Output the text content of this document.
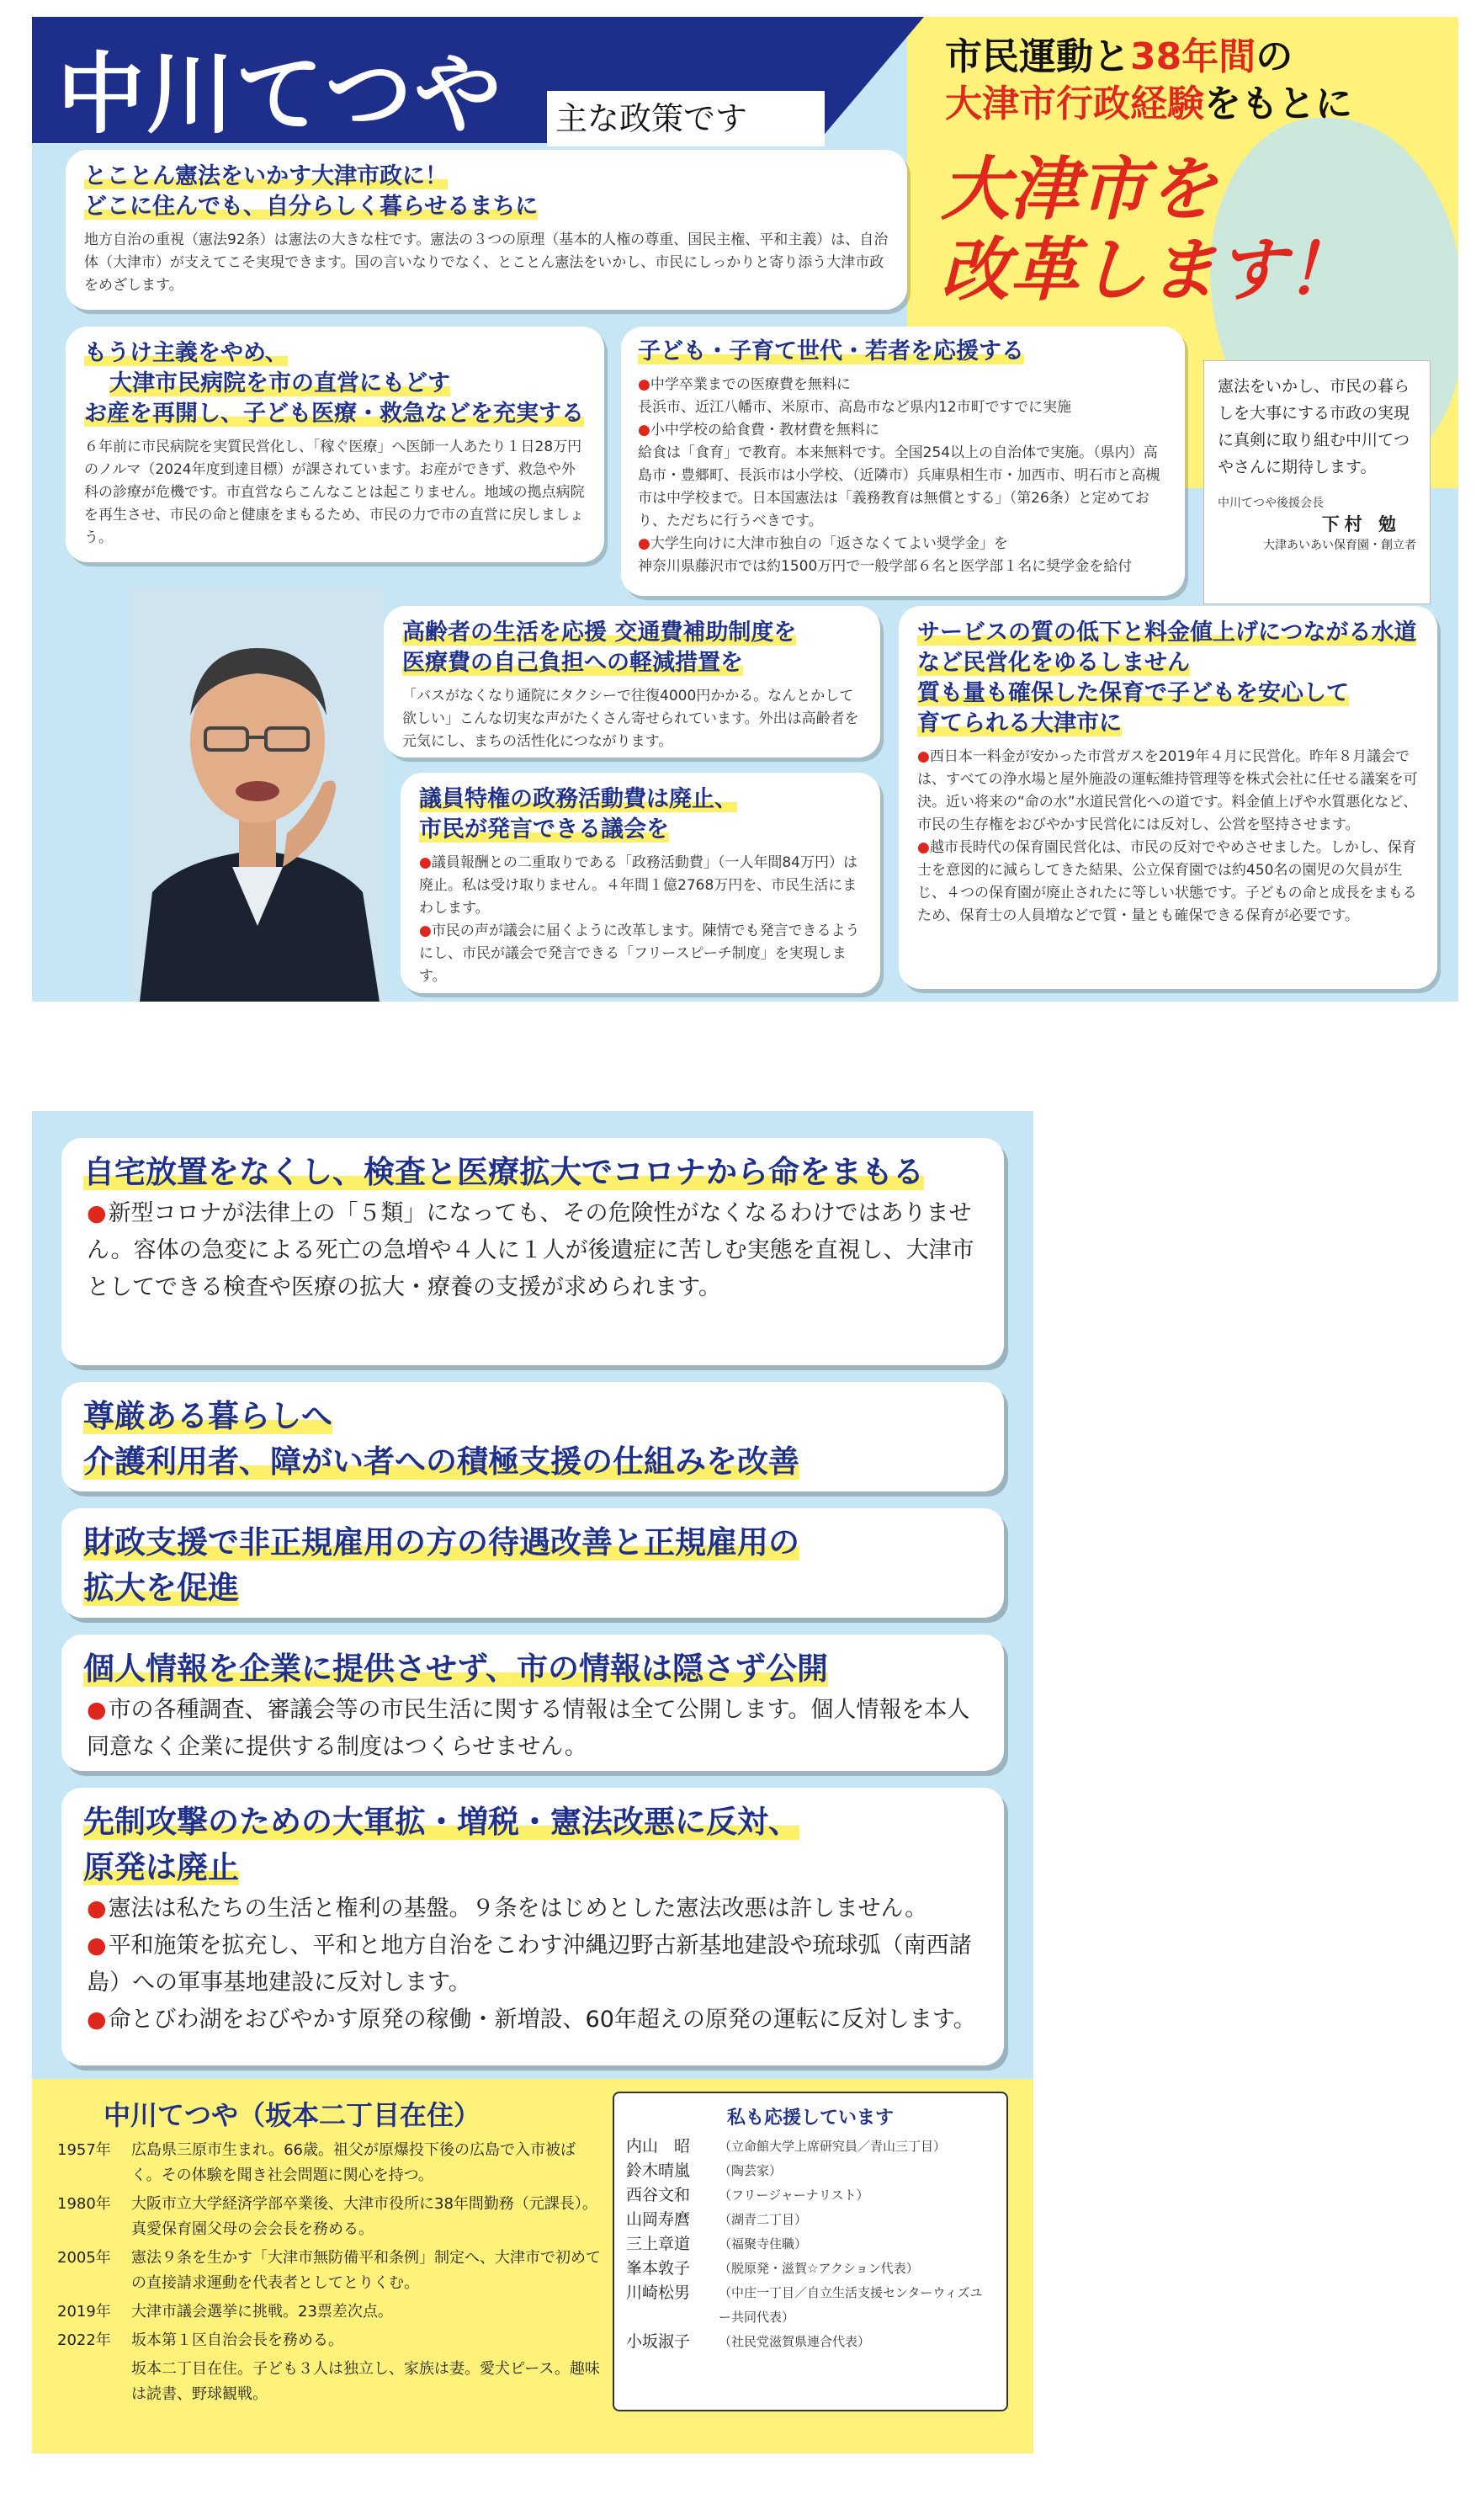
中川てつや 主な政策です
市民運動と38年間の
大津市行政経験をもとに
大津市を
改革します！
とことん憲法をいかす大津市政に！
どこに住んでも、自分らしく暮らせるまちに
地方自治の重視（憲法92条）は憲法の大きな柱です。憲法の３つの原理（基本的人権の尊重、国民主権、平和主義）は、自治体（大津市）が支えてこそ実現できます。国の言いなりでなく、とことん憲法をいかし、市民にしっかりと寄り添う大津市政をめざします。
もうけ主義をやめ、
大津市民病院を市の直営にもどす
お産を再開し、子ども医療・救急などを充実する
６年前に市民病院を実質民営化し、「稼ぐ医療」へ医師一人あたり１日28万円のノルマ（2024年度到達目標）が課されています。お産ができず、救急や外科の診療が危機です。市直営ならこんなことは起こりません。地域の拠点病院を再生させ、市民の命と健康をまもるため、市民の力で市の直営に戻しましょう。
子ども・子育て世代・若者を応援する
●中学卒業までの医療費を無料に
長浜市、近江八幡市、米原市、高島市など県内12市町ですでに実施
●小中学校の給食費・教材費を無料に
給食は「食育」で教育。本来無料です。全国254以上の自治体で実施。（県内）高島市・豊郷町、長浜市は小学校、（近隣市）兵庫県相生市・加西市、明石市と高槻市は中学校まで。日本国憲法は「義務教育は無償とする」（第26条）と定めており、ただちに行うべきです。
●大学生向けに大津市独自の「返さなくてよい奨学金」を
神奈川県藤沢市では約1500万円で一般学部６名と医学部１名に奨学金を給付
憲法をいかし、市民の暮らしを大事にする市政の実現に真剣に取り組む中川てつやさんに期待します。
中川てつや後援会長
下村 勉
大津あいあい保育園・創立者
高齢者の生活を応援 交通費補助制度を
医療費の自己負担への軽減措置を
「バスがなくなり通院にタクシーで往復4000円かかる。なんとかして欲しい」こんな切実な声がたくさん寄せられています。外出は高齢者を元気にし、まちの活性化につながります。
議員特権の政務活動費は廃止、
市民が発言できる議会を
●議員報酬との二重取りである「政務活動費」（一人年間84万円）は廃止。私は受け取りません。４年間１億2768万円を、市民生活にまわします。
●市民の声が議会に届くように改革します。陳情でも発言できるようにし、市民が議会で発言できる「フリースピーチ制度」を実現します。
サービスの質の低下と料金値上げにつながる水道など民営化をゆるしません
質も量も確保した保育で子どもを安心して
育てられる大津市に
●西日本一料金が安かった市営ガスを2019年４月に民営化。昨年８月議会では、すべての浄水場と屋外施設の運転維持管理等を株式会社に任せる議案を可決。近い将来の“命の水”水道民営化への道です。料金値上げや水質悪化など、市民の生存権をおびやかす民営化には反対し、公営を堅持させます。
●越市長時代の保育園民営化は、市民の反対でやめさせました。しかし、保育士を意図的に減らしてきた結果、公立保育園では約450名の園児の欠員が生じ、４つの保育園が廃止されたに等しい状態です。子どもの命と成長をまもるため、保育士の人員増などで質・量とも確保できる保育が必要です。
自宅放置をなくし、検査と医療拡大でコロナから命をまもる
●新型コロナが法律上の「５類」になっても、その危険性がなくなるわけではありません。容体の急変による死亡の急増や４人に１人が後遺症に苦しむ実態を直視し、大津市としてできる検査や医療の拡大・療養の支援が求められます。
尊厳ある暮らしへ
介護利用者、障がい者への積極支援の仕組みを改善
財政支援で非正規雇用の方の待遇改善と正規雇用の
拡大を促進
個人情報を企業に提供させず、市の情報は隠さず公開
●市の各種調査、審議会等の市民生活に関する情報は全て公開します。個人情報を本人同意なく企業に提供する制度はつくらせません。
先制攻撃のための大軍拡・増税・憲法改悪に反対、
原発は廃止
●憲法は私たちの生活と権利の基盤。９条をはじめとした憲法改悪は許しません。
●平和施策を拡充し、平和と地方自治をこわす沖縄辺野古新基地建設や琉球弧（南西諸島）への軍事基地建設に反対します。
●命とびわ湖をおびやかす原発の稼働・新増設、60年超えの原発の運転に反対します。
中川てつや（坂本二丁目在住）
1957年 広島県三原市生まれ。66歳。祖父が原爆投下後の広島で入市被ばく。その体験を聞き社会問題に関心を持つ。
1980年 大阪市立大学経済学部卒業後、大津市役所に38年間勤務（元課長）。真愛保育園父母の会会長を務める。
2005年 憲法９条を生かす「大津市無防備平和条例」制定へ、大津市で初めての直接請求運動を代表者としてとりくむ。
2019年 大津市議会選挙に挑戦。23票差次点。
2022年 坂本第１区自治会長を務める。
坂本二丁目在住。子ども３人は独立し、家族は妻。愛犬ピース。趣味は読書、野球観戦。
私も応援しています
内山　昭 （立命館大学上席研究員／青山三丁目）
鈴木晴嵐 （陶芸家）
西谷文和 （フリージャーナリスト）
山岡寿麿 （湖青二丁目）
三上章道 （福聚寺住職）
峯本敦子 （脱原発・滋賀☆アクション代表）
川崎松男 （中庄一丁目／自立生活支援センターウィズユー共同代表）
小坂淑子 （社民党滋賀県連合代表）
